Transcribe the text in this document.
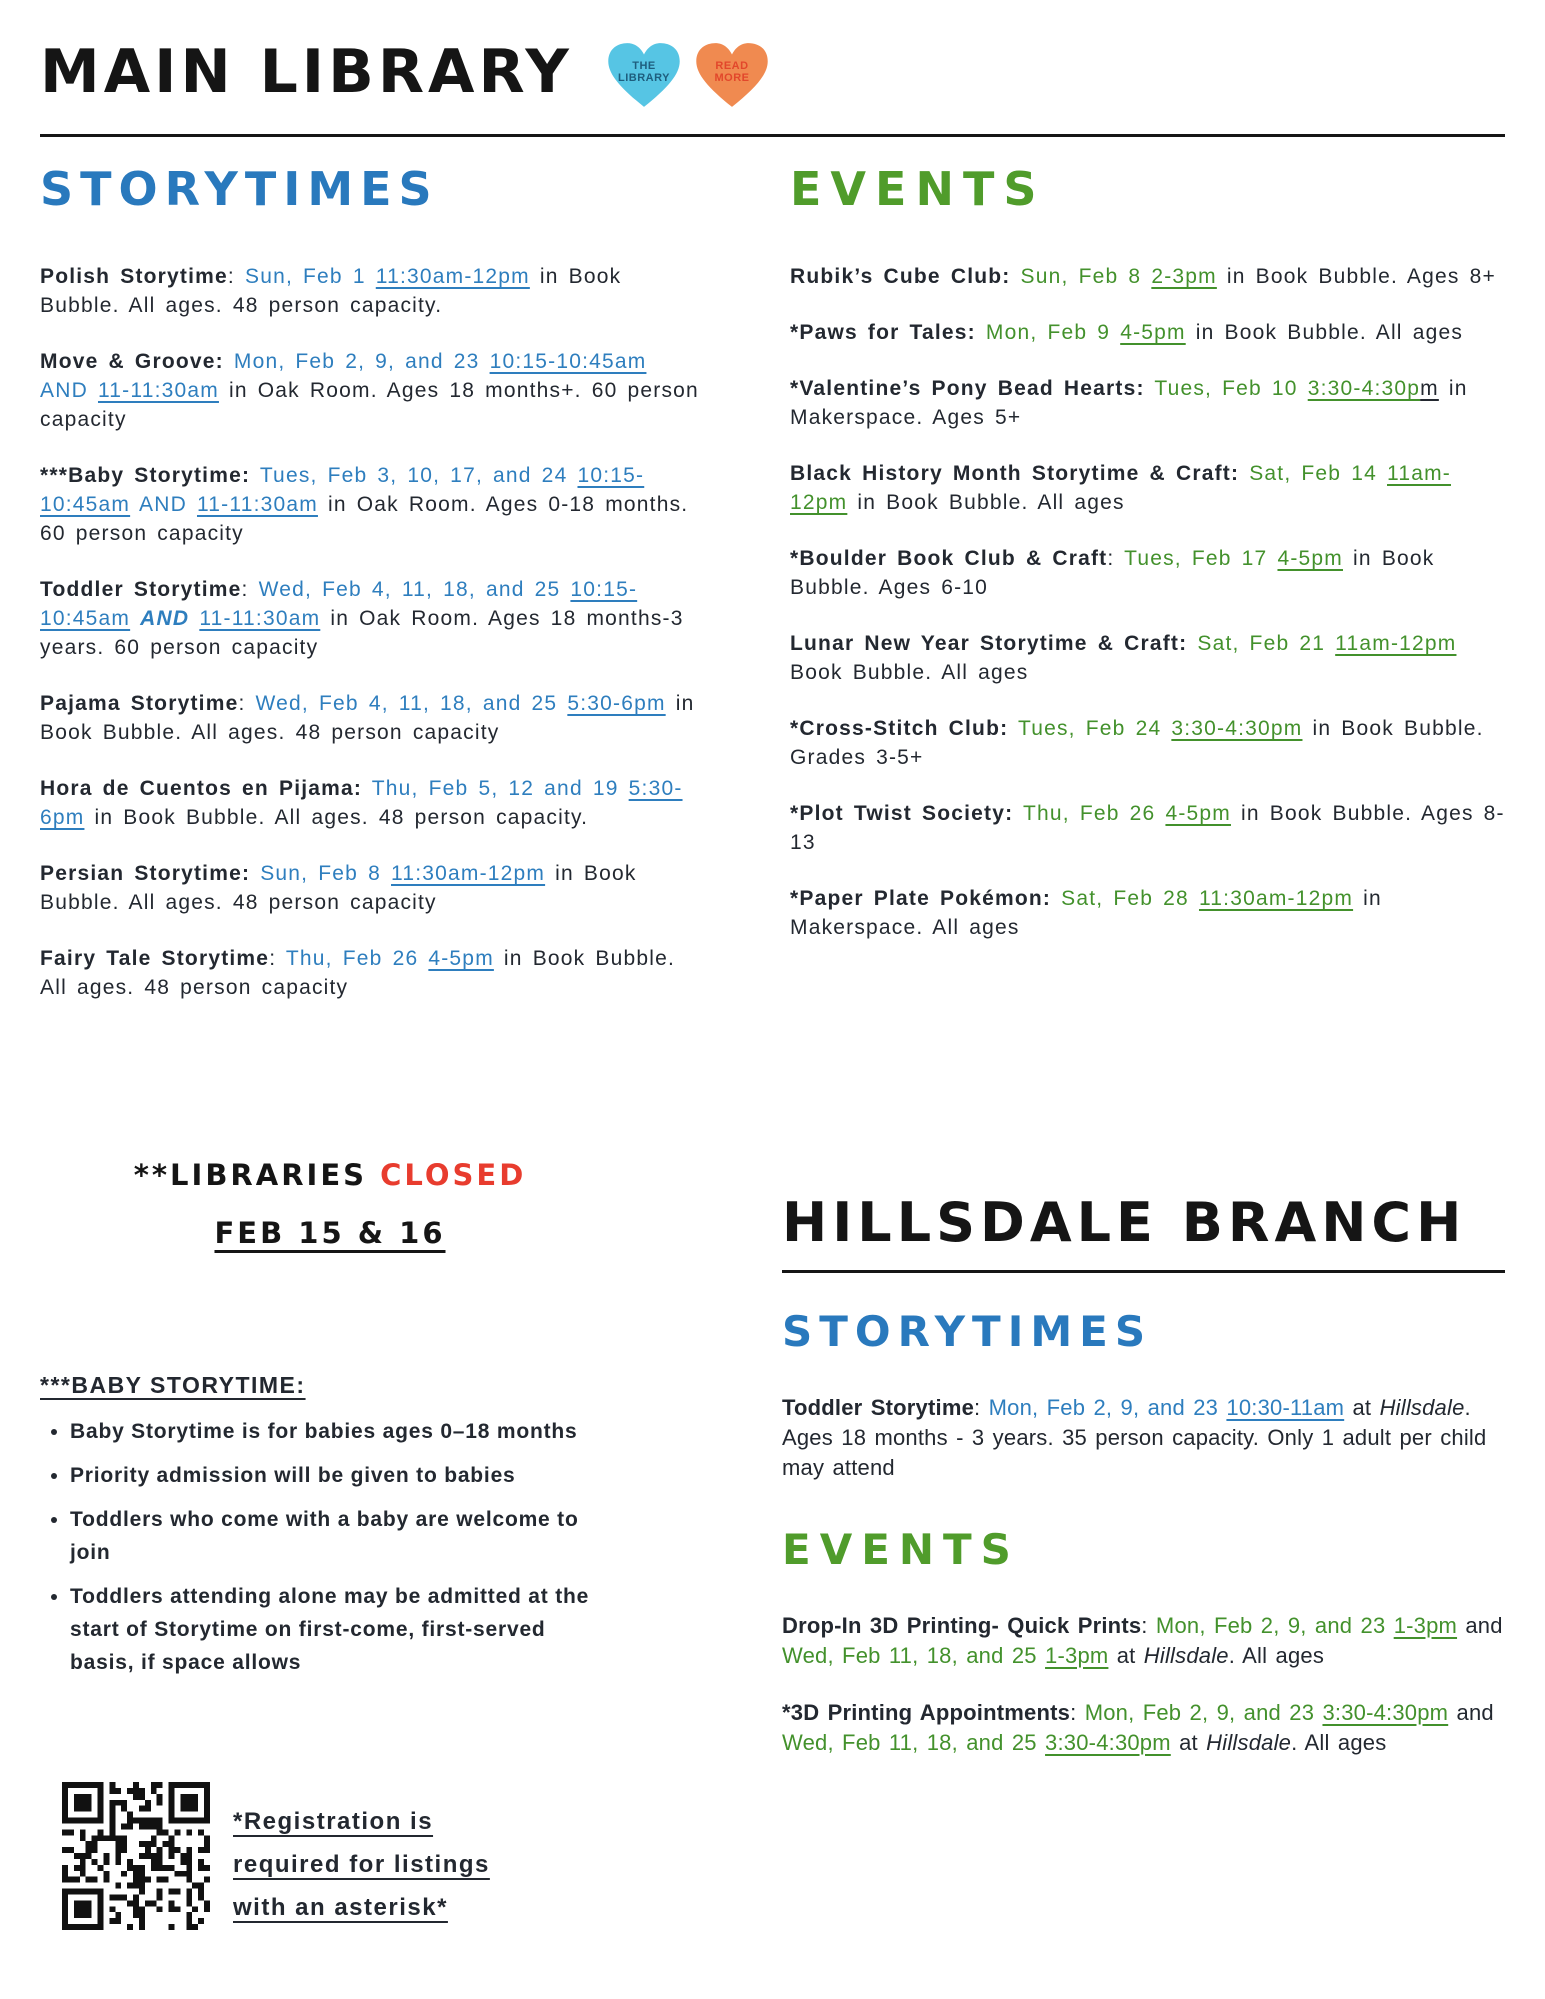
MAIN LIBRARY	THE LIBRARY
READ MORE
STORYTIMES

Polish Storytime: Sun, Feb 1 11:30am-12pm in Book Bubble. All ages. 48 person capacity.

Move & Groove: Mon, Feb 2, 9, and 23 10:15-10:45am AND 11-11:30am in Oak Room. Ages 18 months+. 60 person capacity

***Baby Storytime: Tues, Feb 3, 10, 17, and 24 10:15-10:45am AND 11-11:30am in Oak Room. Ages 0-18 months. 60 person capacity

Toddler Storytime: Wed, Feb 4, 11, 18, and 25 10:15-10:45am AND 11-11:30am in Oak Room. Ages 18 months-3 years. 60 person capacity

Pajama Storytime: Wed, Feb 4, 11, 18, and 25 5:30-6pm in Book Bubble. All ages. 48 person capacity

Hora de Cuentos en Pijama: Thu, Feb 5, 12 and 19 5:30-6pm in Book Bubble. All ages. 48 person capacity.

Persian Storytime: Sun, Feb 8 11:30am-12pm in Book Bubble. All ages. 48 person capacity

Fairy Tale Storytime: Thu, Feb 26 4-5pm in Book Bubble. All ages. 48 person capacity

EVENTS

Rubik’s Cube Club: Sun, Feb 8 2-3pm in Book Bubble. Ages 8+

*Paws for Tales: Mon, Feb 9 4-5pm in Book Bubble. All ages

*Valentine’s Pony Bead Hearts: Tues, Feb 10 3:30-4:30pm in Makerspace. Ages 5+

Black History Month Storytime & Craft: Sat, Feb 14 11am-12pm in Book Bubble. All ages

*Boulder Book Club & Craft: Tues, Feb 17 4-5pm in Book Bubble. Ages 6-10

Lunar New Year Storytime & Craft: Sat, Feb 21 11am-12pm Book Bubble. All ages

*Cross-Stitch Club: Tues, Feb 24 3:30-4:30pm in Book Bubble. Grades 3-5+

*Plot Twist Society: Thu, Feb 26 4-5pm in Book Bubble. Ages 8-13

*Paper Plate Pokémon: Sat, Feb 28 11:30am-12pm in Makerspace. All ages

**LIBRARIES CLOSED
FEB 15 & 16

***BABY STORYTIME:

• Baby Storytime is for babies ages 0–18 months
• Priority admission will be given to babies
• Toddlers who come with a baby are welcome to join
• Toddlers attending alone may be admitted at the start of Storytime on first-come, first-served basis, if space allows

*Registration is
required for listings
with an asterisk*

HILLSDALE BRANCH
STORYTIMES

Toddler Storytime: Mon, Feb 2, 9, and 23 10:30-11am at Hillsdale. Ages 18 months - 3 years. 35 person capacity. Only 1 adult per child may attend

EVENTS

Drop-In 3D Printing- Quick Prints: Mon, Feb 2, 9, and 23 1-3pm and Wed, Feb 11, 18, and 25 1-3pm at Hillsdale. All ages

*3D Printing Appointments: Mon, Feb 2, 9, and 23 3:30-4:30pm and Wed, Feb 11, 18, and 25 3:30-4:30pm at Hillsdale. All ages
